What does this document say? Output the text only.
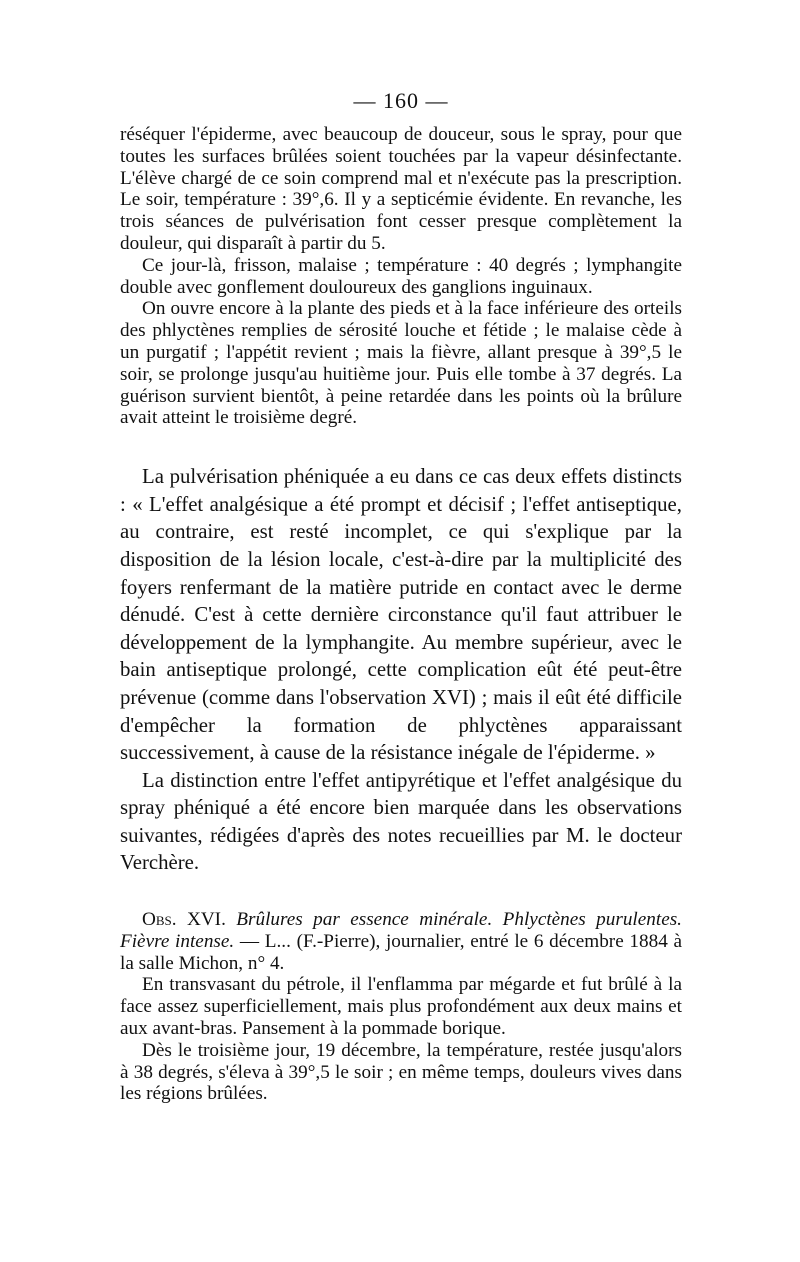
— 160 —

réséquer l'épiderme, avec beaucoup de douceur, sous le spray, pour que toutes les surfaces brûlées soient touchées par la vapeur désinfectante. L'élève chargé de ce soin comprend mal et n'exécute pas la prescription. Le soir, température : 39°,6. Il y a septicémie évidente. En revanche, les trois séances de pulvérisation font cesser presque complètement la douleur, qui disparaît à partir du 5.

Ce jour-là, frisson, malaise ; température : 40 degrés ; lymphangite double avec gonflement douloureux des ganglions inguinaux.

On ouvre encore à la plante des pieds et à la face inférieure des orteils des phlyctènes remplies de sérosité louche et fétide ; le malaise cède à un purgatif ; l'appétit revient ; mais la fièvre, allant presque à 39°,5 le soir, se prolonge jusqu'au huitième jour. Puis elle tombe à 37 degrés. La guérison survient bientôt, à peine retardée dans les points où la brûlure avait atteint le troisième degré.

La pulvérisation phéniquée a eu dans ce cas deux effets distincts : « L'effet analgésique a été prompt et décisif ; l'effet antiseptique, au contraire, est resté incomplet, ce qui s'explique par la disposition de la lésion locale, c'est-à-dire par la multiplicité des foyers renfermant de la matière putride en contact avec le derme dénudé. C'est à cette dernière circonstance qu'il faut attribuer le développement de la lymphangite. Au membre supérieur, avec le bain antiseptique prolongé, cette complication eût été peut-être prévenue (comme dans l'observation XVI) ; mais il eût été difficile d'empêcher la formation de phlyctènes apparaissant successivement, à cause de la résistance inégale de l'épiderme. »

La distinction entre l'effet antipyrétique et l'effet analgésique du spray phéniqué a été encore bien marquée dans les observations suivantes, rédigées d'après des notes recueillies par M. le docteur Verchère.

Obs. XVI. Brûlures par essence minérale. Phlyctènes purulentes. Fièvre intense. — L... (F.-Pierre), journalier, entré le 6 décembre 1884 à la salle Michon, n° 4.

En transvasant du pétrole, il l'enflamma par mégarde et fut brûlé à la face assez superficiellement, mais plus profondément aux deux mains et aux avant-bras. Pansement à la pommade borique.

Dès le troisième jour, 19 décembre, la température, restée jusqu'alors à 38 degrés, s'éleva à 39°,5 le soir ; en même temps, douleurs vives dans les régions brûlées.
